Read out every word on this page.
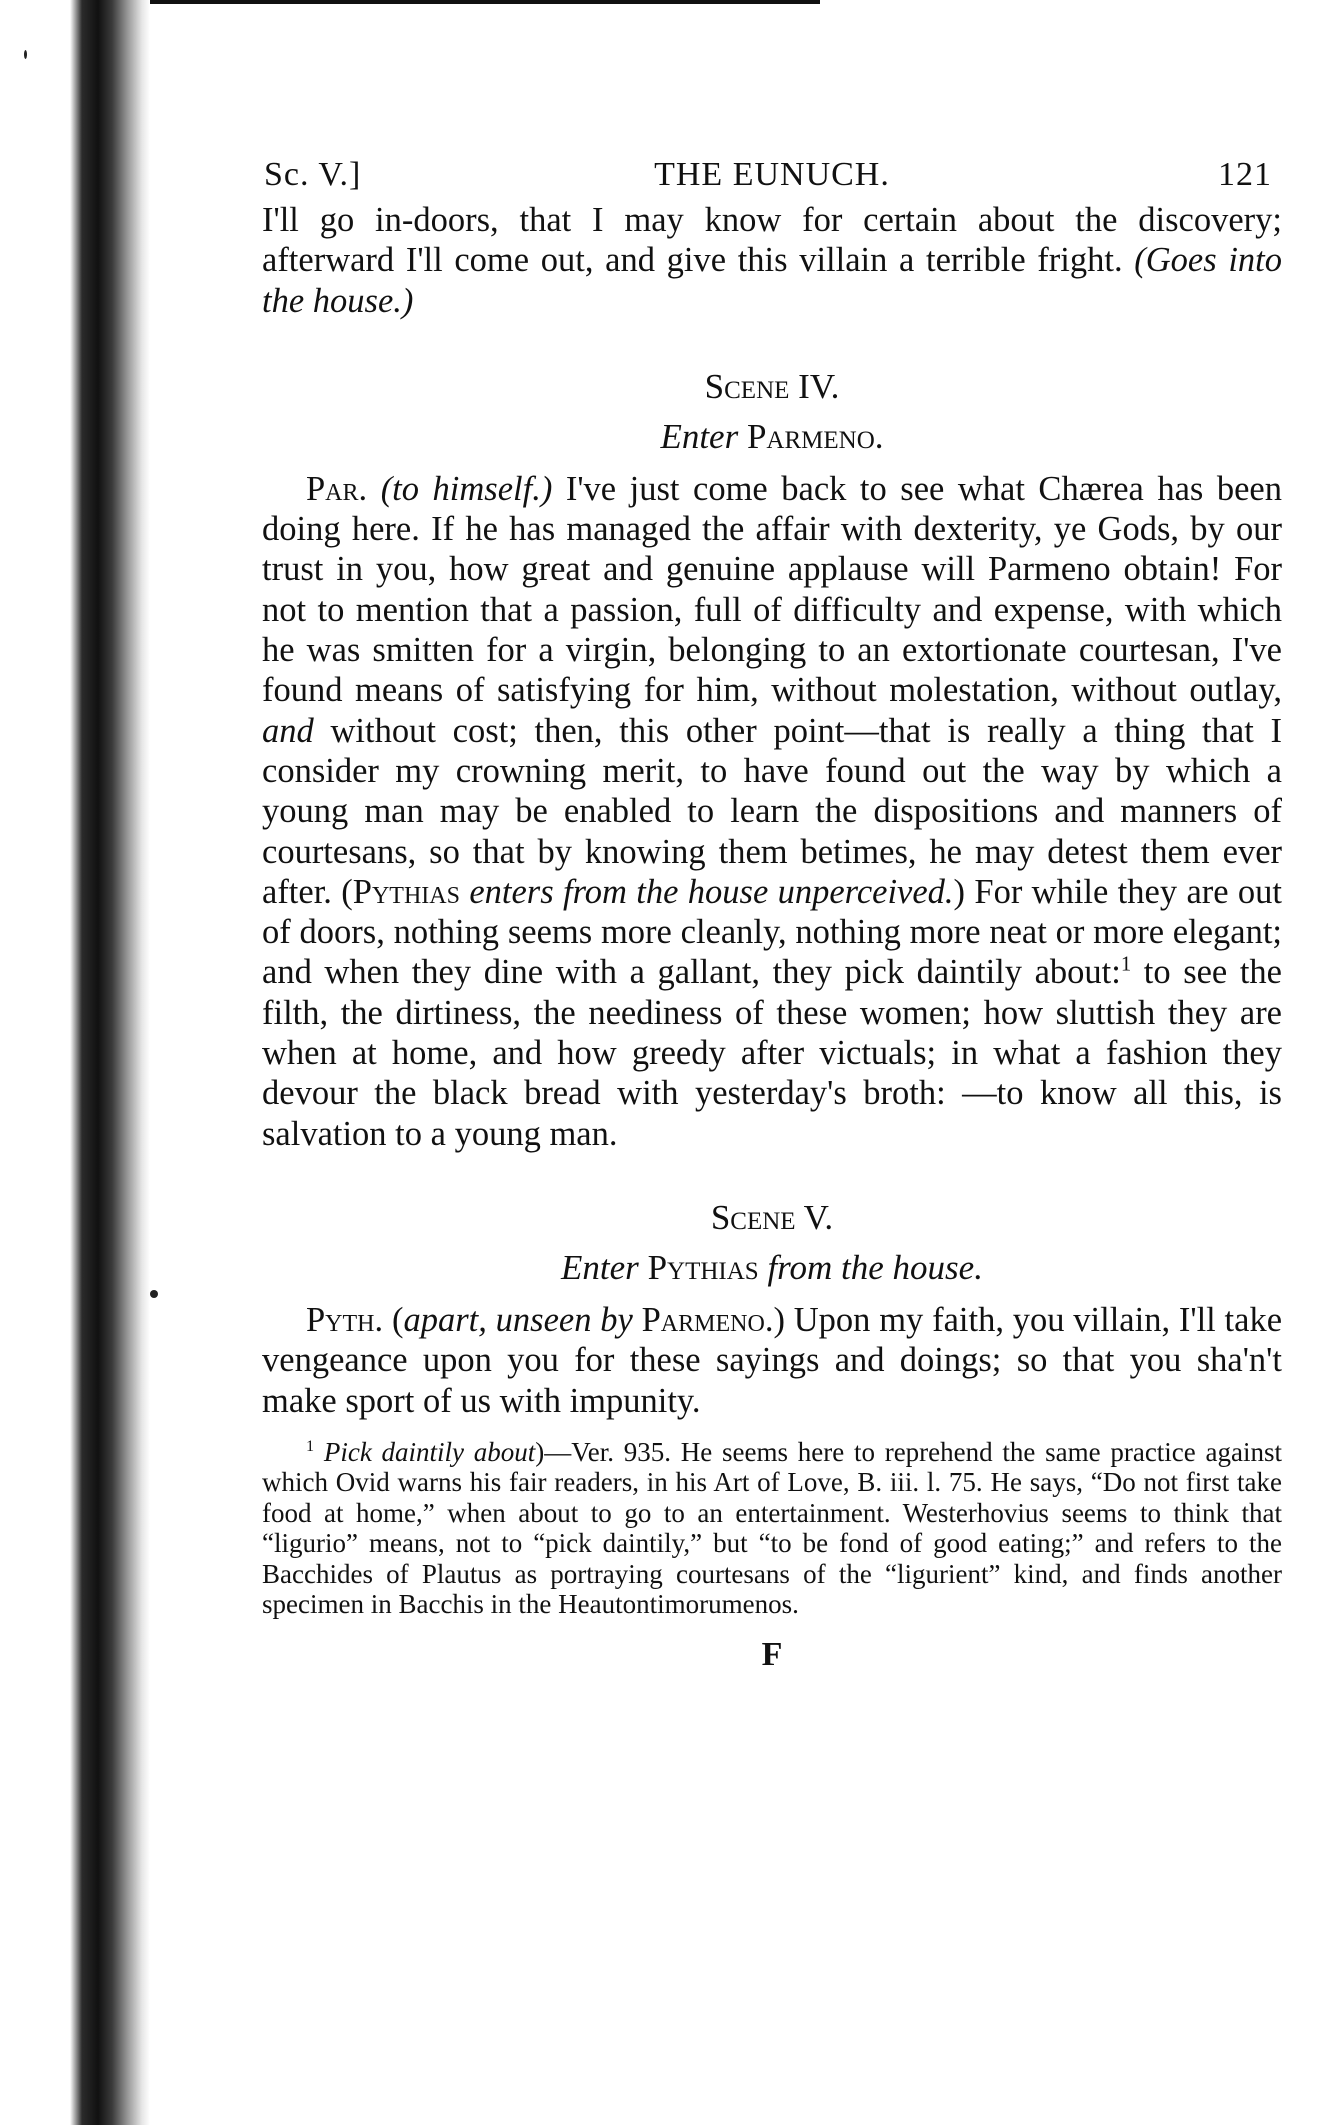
Sc. V.]	THE EUNUCH.	121

I'll go in-doors, that I may know for certain about the discovery; afterward I'll come out, and give this villain a terrible fright. (Goes into the house.)

Scene IV.

Enter Parmeno.

Par. (to himself.) I've just come back to see what Chærea has been doing here. If he has managed the affair with dexterity, ye Gods, by our trust in you, how great and genuine applause will Parmeno obtain! For not to mention that a passion, full of difficulty and expense, with which he was smitten for a virgin, belonging to an extortionate courtesan, I've found means of satisfying for him, without molestation, without outlay, and without cost; then, this other point—that is really a thing that I consider my crowning merit, to have found out the way by which a young man may be enabled to learn the dispositions and manners of courtesans, so that by knowing them betimes, he may detest them ever after. (Pythias enters from the house unperceived.) For while they are out of doors, nothing seems more cleanly, nothing more neat or more elegant; and when they dine with a gallant, they pick daintily about:$^1$ to see the filth, the dirtiness, the neediness of these women; how sluttish they are when at home, and how greedy after victuals; in what a fashion they devour the black bread with yesterday's broth: —to know all this, is salvation to a young man.

Scene V.

Enter Pythias from the house.

Pyth. (apart, unseen by Parmeno.) Upon my faith, you villain, I'll take vengeance upon you for these sayings and doings; so that you sha'n't make sport of us with impunity.

$^1$ Pick daintily about)—Ver. 935. He seems here to reprehend the same practice against which Ovid warns his fair readers, in his Art of Love, B. iii. l. 75. He says, “Do not first take food at home,” when about to go to an entertainment. Westerhovius seems to think that “ligurio” means, not to “pick daintily,” but “to be fond of good eating;” and refers to the Bacchides of Plautus as portraying courtesans of the “ligurient” kind, and finds another specimen in Bacchis in the Heautontimorumenos.

F
